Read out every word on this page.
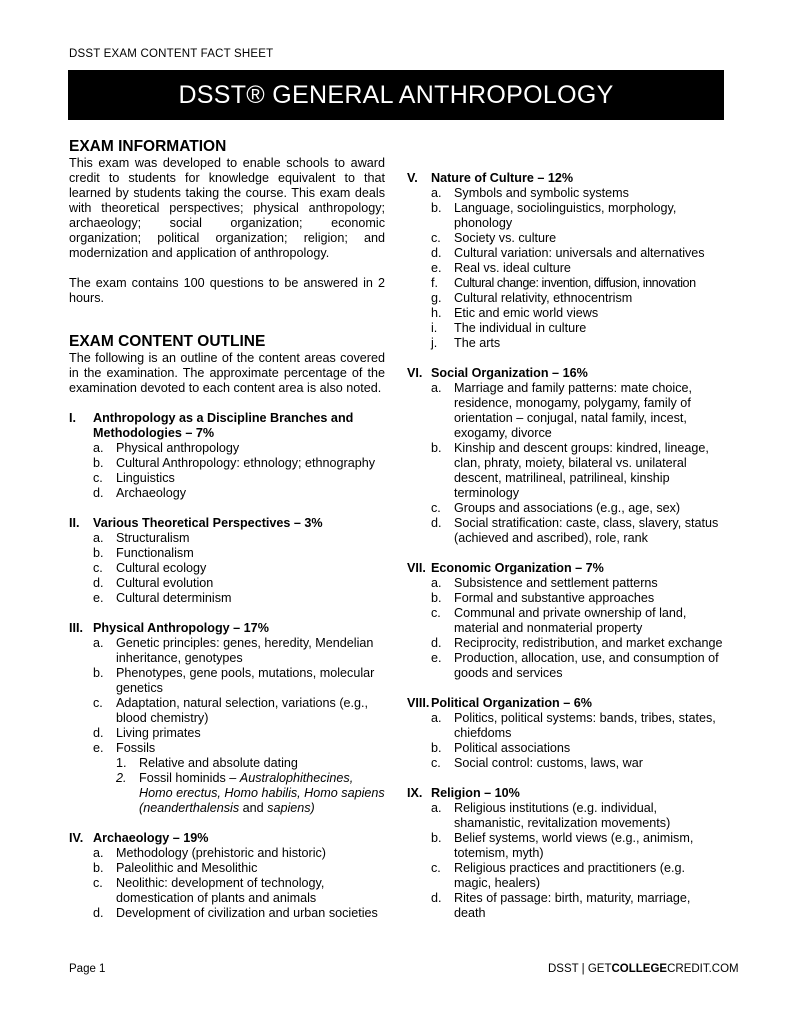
DSST EXAM CONTENT FACT SHEET
DSST® GENERAL ANTHROPOLOGY
EXAM INFORMATION
This exam was developed to enable schools to award credit to students for knowledge equivalent to that learned by students taking the course. This exam deals with theoretical perspectives; physical anthropology; archaeology; social organization; economic organization; political organization; religion; and modernization and application of anthropology.
The exam contains 100 questions to be answered in 2 hours.
EXAM CONTENT OUTLINE
The following is an outline of the content areas covered in the examination. The approximate percentage of the examination devoted to each content area is also noted.
I.	Anthropology as a Discipline Branches and Methodologies – 7%
a. Physical anthropology
b. Cultural Anthropology: ethnology; ethnography
c.	Linguistics
d. Archaeology
II.	Various Theoretical Perspectives – 3%
a. Structuralism
b. Functionalism
c.	Cultural ecology
d. Cultural evolution
e. Cultural determinism
III. Physical Anthropology – 17%
a. Genetic principles: genes, heredity, Mendelian inheritance, genotypes
b. Phenotypes, gene pools, mutations, molecular genetics
c.	Adaptation, natural selection, variations (e.g., blood chemistry)
d. Living primates
e. Fossils
1. Relative and absolute dating
2. Fossil hominids – Australophithecines, Homo erectus, Homo habilis, Homo sapiens (neanderthalensis and sapiens)
IV. Archaeology – 19%
a. Methodology (prehistoric and historic)
b. Paleolithic and Mesolithic
c.	Neolithic: development of technology, domestication of plants and animals
d. Development of civilization and urban societies
V.	Nature of Culture – 12%
a. Symbols and symbolic systems
b. Language, sociolinguistics, morphology, phonology
c.	Society vs. culture
d. Cultural variation: universals and alternatives
e. Real vs. ideal culture
f.	Cultural change: invention, diffusion, innovation
g. Cultural relativity, ethnocentrism
h. Etic and emic world views
i.	The individual in culture
j.	The arts
VI. Social Organization – 16%
a. Marriage and family patterns: mate choice, residence, monogamy, polygamy, family of orientation – conjugal, natal family, incest, exogamy, divorce
b. Kinship and descent groups: kindred, lineage, clan, phraty, moiety, bilateral vs. unilateral descent, matrilineal, patrilineal, kinship terminology
c.	Groups and associations (e.g., age, sex)
d. Social stratification: caste, class, slavery, status (achieved and ascribed), role, rank
VII. Economic Organization – 7%
a. Subsistence and settlement patterns
b. Formal and substantive approaches
c.	Communal and private ownership of land, material and nonmaterial property
d. Reciprocity, redistribution, and market exchange
e. Production, allocation, use, and consumption of goods and services
VIII. Political Organization – 6%
a. Politics, political systems: bands, tribes, states, chiefdoms
b. Political associations
c.	Social control: customs, laws, war
IX. Religion – 10%
a. Religious institutions (e.g. individual, shamanistic, revitalization movements)
b. Belief systems, world views (e.g., animism, totemism, myth)
c.	Religious practices and practitioners (e.g. magic, healers)
d. Rites of passage: birth, maturity, marriage, death
Page 1	DSST | GETCOLLEGECREDIT.COM
